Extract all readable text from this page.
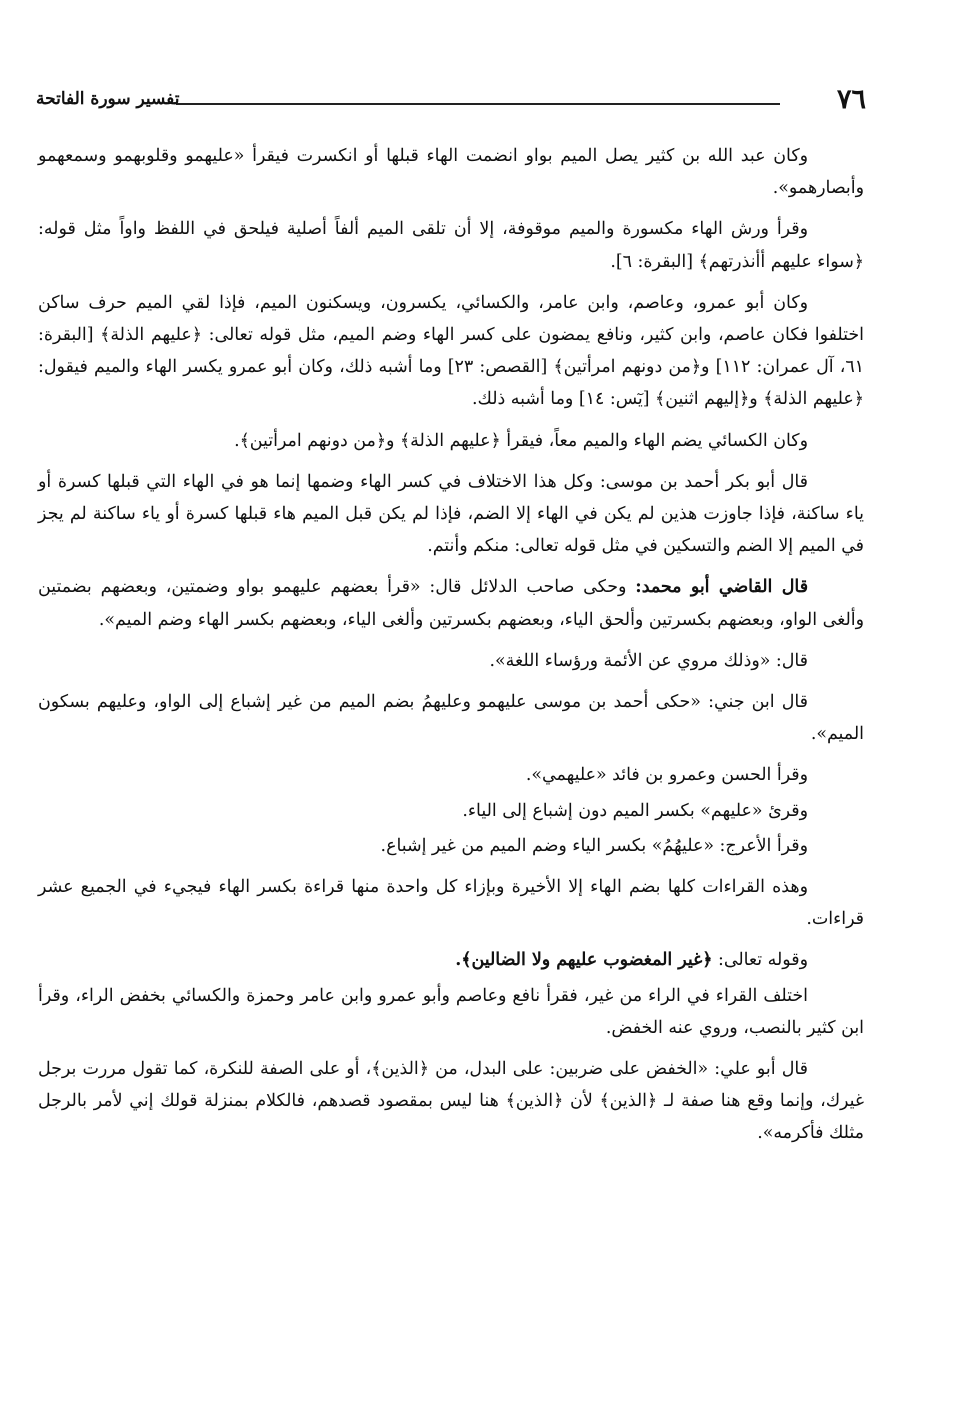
٧٦
تفسير سورة الفاتحة

وكان عبد الله بن كثير يصل الميم بواو انضمت الهاء قبلها أو انكسرت فيقرأ «عليهمو وقلوبهمو وسمعهمو وأبصارهمو».

وقرأ ورش الهاء مكسورة والميم موقوفة، إلا أن تلقى الميم ألفاً أصلية فيلحق في اللفظ واواً مثل قوله: ﴿سواء عليهم أأنذرتهم﴾ [البقرة: ٦].

وكان أبو عمرو، وعاصم، وابن عامر، والكسائي، يكسرون، ويسكنون الميم، فإذا لقي الميم حرف ساكن اختلفوا فكان عاصم، وابن كثير، ونافع يمضون على كسر الهاء وضم الميم، مثل قوله تعالى: ﴿عليهم الذلة﴾ [البقرة: ٦١، آل عمران: ١١٢] و﴿من دونهم امرأتين﴾ [القصص: ٢٣] وما أشبه ذلك، وكان أبو عمرو يكسر الهاء والميم فيقول: ﴿عليهم الذلة﴾ و﴿إليهم اثنين﴾ [يٓس: ١٤] وما أشبه ذلك.

وكان الكسائي يضم الهاء والميم معاً، فيقرأ ﴿عليهم الذلة﴾ و﴿من دونهم امرأتين﴾.

قال أبو بكر أحمد بن موسى: وكل هذا الاختلاف في كسر الهاء وضمها إنما هو في الهاء التي قبلها كسرة أو ياء ساكنة، فإذا جاوزت هذين لم يكن في الهاء إلا الضم، فإذا لم يكن قبل الميم هاء قبلها كسرة أو ياء ساكنة لم يجز في الميم إلا الضم والتسكين في مثل قوله تعالى: منكم وأنتم.

قال القاضي أبو محمد: وحكى صاحب الدلائل قال: «قرأ بعضهم عليهمو بواو وضمتين، وبعضهم بضمتين وألغى الواو، وبعضهم بكسرتين وألحق الياء، وبعضهم بكسرتين وألغى الياء، وبعضهم بكسر الهاء وضم الميم».

قال: «وذلك مروي عن الأئمة ورؤساء اللغة».

قال ابن جني: «حكى أحمد بن موسى عليهمو وعليهمُ بضم الميم من غير إشباع إلى الواو، وعليهم بسكون الميم».

وقرأ الحسن وعمرو بن فائد «عليهمي».

وقرئ «عليهم» بكسر الميم دون إشباع إلى الياء.

وقرأ الأعرج: «عليهُمُ» بكسر الياء وضم الميم من غير إشباع.

وهذه القراءات كلها بضم الهاء إلا الأخيرة وبإزاء كل واحدة منها قراءة بكسر الهاء فيجيء في الجميع عشر قراءات.

وقوله تعالى: ﴿غير المغضوب عليهم ولا الضالين﴾.

اختلف القراء في الراء من غير، فقرأ نافع وعاصم وأبو عمرو وابن عامر وحمزة والكسائي بخفض الراء، وقرأ ابن كثير بالنصب، وروي عنه الخفض.

قال أبو علي: «الخفض على ضربين: على البدل، من ﴿الذين﴾، أو على الصفة للنكرة، كما تقول مررت برجل غيرك، وإنما وقع هنا صفة لـ ﴿الذين﴾ لأن ﴿الذين﴾ هنا ليس بمقصود قصدهم، فالكلام بمنزلة قولك إني لأمر بالرجل مثلك فأكرمه».
